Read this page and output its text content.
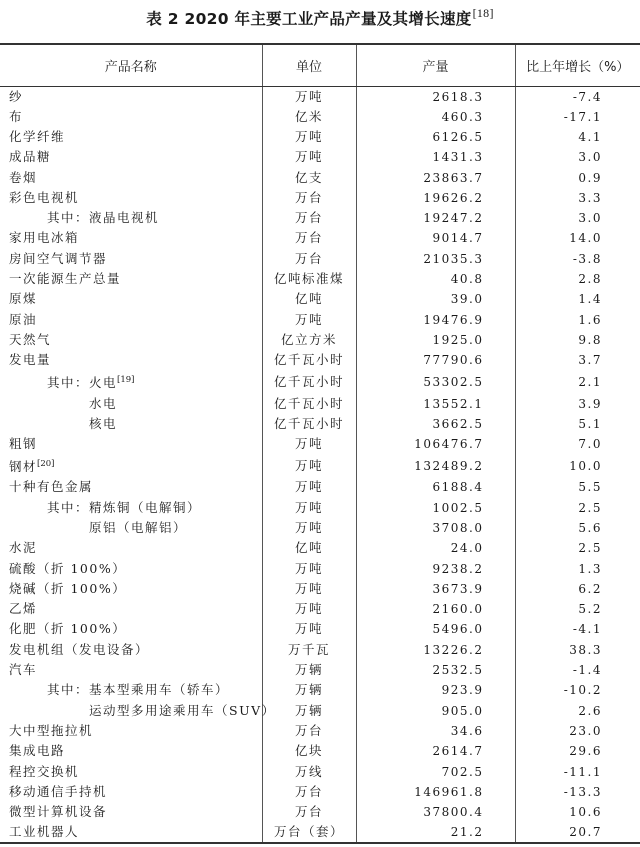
表 2 2020 年主要工业产品产量及其增长速度[18]
产品名称	单位	产量	比上年增长（%）
纱	万吨	2618.3	-7.4
布	亿米	460.3	-17.1
化学纤维	万吨	6126.5	4.1
成品糖	万吨	1431.3	3.0
卷烟	亿支	23863.7	0.9
彩色电视机	万台	19626.2	3.3
其中：液晶电视机	万台	19247.2	3.0
家用电冰箱	万台	9014.7	14.0
房间空气调节器	万台	21035.3	-3.8
一次能源生产总量	亿吨标准煤	40.8	2.8
原煤	亿吨	39.0	1.4
原油	万吨	19476.9	1.6
天然气	亿立方米	1925.0	9.8
发电量	亿千瓦小时	77790.6	3.7
其中：火电[19]	亿千瓦小时	53302.5	2.1
水电	亿千瓦小时	13552.1	3.9
核电	亿千瓦小时	3662.5	5.1
粗钢	万吨	106476.7	7.0
钢材[20]	万吨	132489.2	10.0
十种有色金属	万吨	6188.4	5.5
其中：精炼铜（电解铜）	万吨	1002.5	2.5
原铝（电解铝）	万吨	3708.0	5.6
水泥	亿吨	24.0	2.5
硫酸（折 100%）	万吨	9238.2	1.3
烧碱（折 100%）	万吨	3673.9	6.2
乙烯	万吨	2160.0	5.2
化肥（折 100%）	万吨	5496.0	-4.1
发电机组（发电设备）	万千瓦	13226.2	38.3
汽车	万辆	2532.5	-1.4
其中：基本型乘用车（轿车）	万辆	923.9	-10.2
运动型多用途乘用车（SUV）	万辆	905.0	2.6
大中型拖拉机	万台	34.6	23.0
集成电路	亿块	2614.7	29.6
程控交换机	万线	702.5	-11.1
移动通信手持机	万台	146961.8	-13.3
微型计算机设备	万台	37800.4	10.6
工业机器人	万台（套）	21.2	20.7
